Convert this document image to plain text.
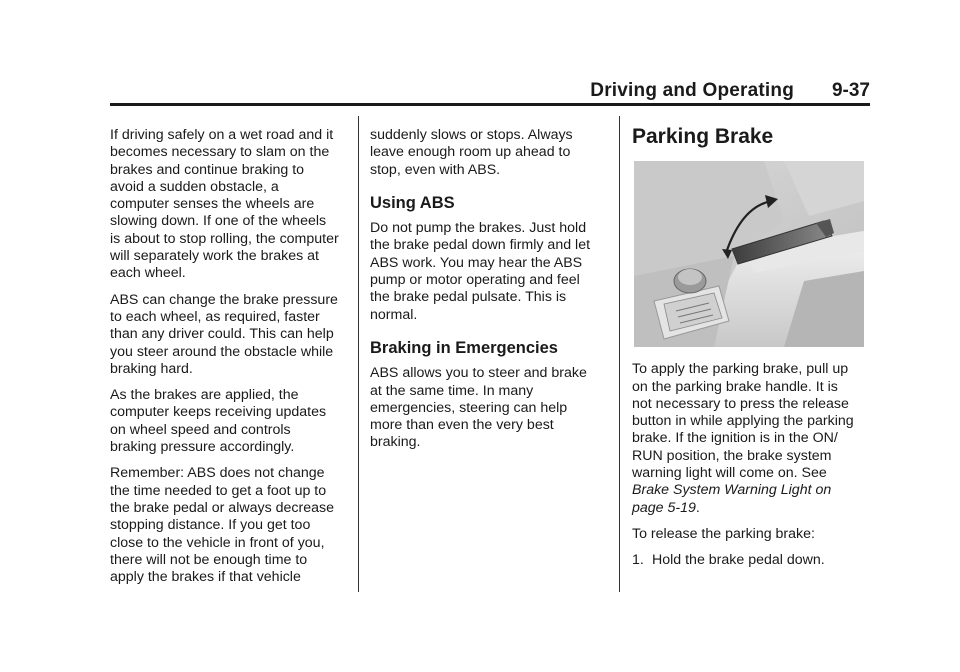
Driving and Operating 9-37

If driving safely on a wet road and it
becomes necessary to slam on the
brakes and continue braking to
avoid a sudden obstacle, a
computer senses the wheels are
slowing down. If one of the wheels
is about to stop rolling, the computer
will separately work the brakes at
each wheel.

ABS can change the brake pressure
to each wheel, as required, faster
than any driver could. This can help
you steer around the obstacle while
braking hard.

As the brakes are applied, the
computer keeps receiving updates
on wheel speed and controls
braking pressure accordingly.

Remember: ABS does not change
the time needed to get a foot up to
the brake pedal or always decrease
stopping distance. If you get too
close to the vehicle in front of you,
there will not be enough time to
apply the brakes if that vehicle

suddenly slows or stops. Always
leave enough room up ahead to
stop, even with ABS.

Using ABS

Do not pump the brakes. Just hold
the brake pedal down firmly and let
ABS work. You may hear the ABS
pump or motor operating and feel
the brake pedal pulsate. This is
normal.

Braking in Emergencies

ABS allows you to steer and brake
at the same time. In many
emergencies, steering can help
more than even the very best
braking.

Parking Brake

To apply the parking brake, pull up
on the parking brake handle. It is
not necessary to press the release
button in while applying the parking
brake. If the ignition is in the ON/
RUN position, the brake system
warning light will come on. See
Brake System Warning Light on
page 5-19.

To release the parking brake:

1. Hold the brake pedal down.
